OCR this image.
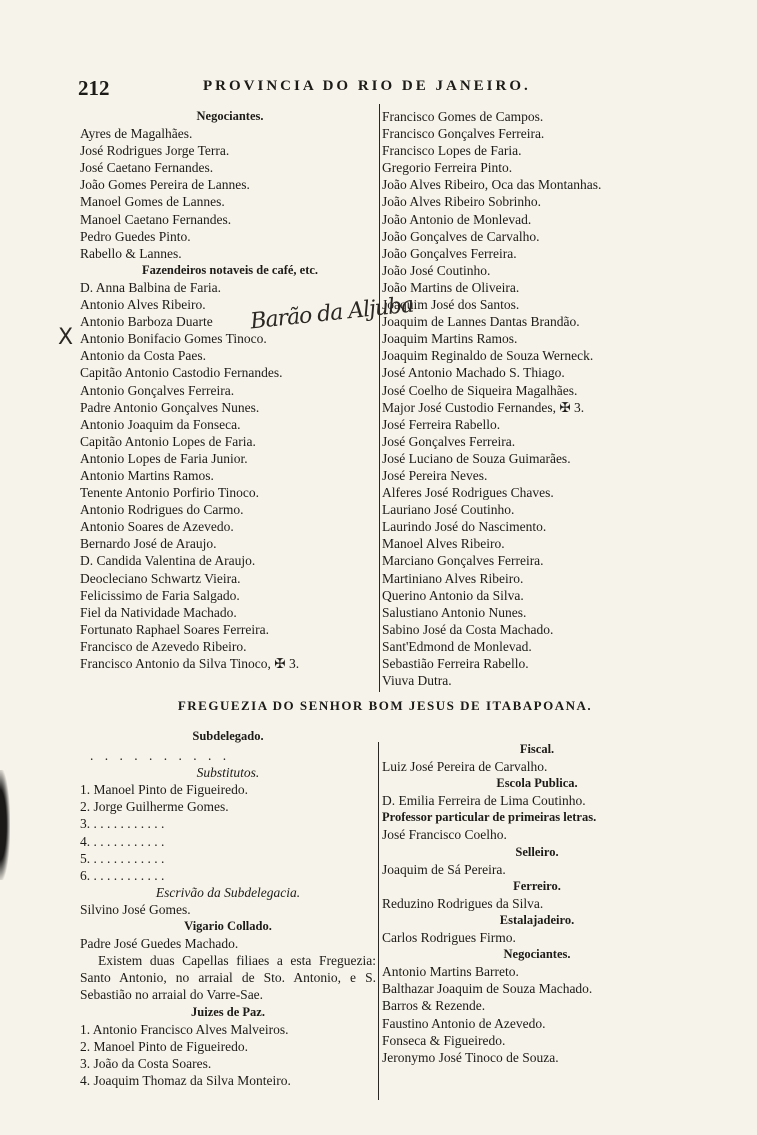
212	PROVINCIA DO RIO DE JANEIRO.
Negociantes.
Ayres de Magalhães.
José Rodrigues Jorge Terra.
José Caetano Fernandes.
João Gomes Pereira de Lannes.
Manoel Gomes de Lannes.
Manoel Caetano Fernandes.
Pedro Guedes Pinto.
Rabello & Lannes.
Fazendeiros notaveis de café, etc.
D. Anna Balbina de Faria.
Antonio Alves Ribeiro.
Antonio Barboza Duarte
Antonio Bonifacio Gomes Tinoco.
Antonio da Costa Paes.
Capitão Antonio Castodio Fernandes.
Antonio Gonçalves Ferreira.
Padre Antonio Gonçalves Nunes.
Antonio Joaquim da Fonseca.
Capitão Antonio Lopes de Faria.
Antonio Lopes de Faria Junior.
Antonio Martins Ramos.
Tenente Antonio Porfirio Tinoco.
Antonio Rodrigues do Carmo.
Antonio Soares de Azevedo.
Bernardo José de Araujo.
D. Candida Valentina de Araujo.
Deocleciano Schwartz Vieira.
Felicissimo de Faria Salgado.
Fiel da Natividade Machado.
Fortunato Raphael Soares Ferreira.
Francisco de Azevedo Ribeiro.
Francisco Antonio da Silva Tinoco, ✠ 3.
Francisco Gomes de Campos.
Francisco Gonçalves Ferreira.
Francisco Lopes de Faria.
Gregorio Ferreira Pinto.
João Alves Ribeiro, Oca das Montanhas.
João Alves Ribeiro Sobrinho.
João Antonio de Monlevad.
João Gonçalves de Carvalho.
João Gonçalves Ferreira.
João José Coutinho.
João Martins de Oliveira.
Joaquim José dos Santos.
Joaquim de Lannes Dantas Brandão.
Joaquim Martins Ramos.
Joaquim Reginaldo de Souza Werneck.
José Antonio Machado S. Thiago.
José Coelho de Siqueira Magalhães.
Major José Custodio Fernandes, ✠ 3.
José Ferreira Rabello.
José Gonçalves Ferreira.
José Luciano de Souza Guimarães.
José Pereira Neves.
Alferes José Rodrigues Chaves.
Lauriano José Coutinho.
Laurindo José do Nascimento.
Manoel Alves Ribeiro.
Marciano Gonçalves Ferreira.
Martiniano Alves Ribeiro.
Querino Antonio da Silva.
Salustiano Antonio Nunes.
Sabino José da Costa Machado.
Sant'Edmond de Monlevad.
Sebastião Ferreira Rabello.
Viuva Dutra.
X
Barão da Aljuba
FREGUEZIA DO SENHOR BOM JESUS DE ITABAPOANA.
Subdelegado.
. . . . . . . . . .
Substitutos.
1. Manoel Pinto de Figueiredo.
2. Jorge Guilherme Gomes.
3. . . . . . . . . . . .
4. . . . . . . . . . . .
5. . . . . . . . . . . .
6. . . . . . . . . . . .
Escrivão da Subdelegacia.
Silvino José Gomes.
Vigario Collado.
Padre José Guedes Machado.
Existem duas Capellas filiaes a esta Freguezia: Santo Antonio, no arraial de Sto. Antonio, e S. Sebastião no arraial do Varre-Sae.
Juizes de Paz.
1. Antonio Francisco Alves Malveiros.
2. Manoel Pinto de Figueiredo.
3. João da Costa Soares.
4. Joaquim Thomaz da Silva Monteiro.
Fiscal.
Luiz José Pereira de Carvalho.
Escola Publica.
D. Emilia Ferreira de Lima Coutinho.
Professor particular de primeiras letras.
José Francisco Coelho.
Selleiro.
Joaquim de Sá Pereira.
Ferreiro.
Reduzino Rodrigues da Silva.
Estalajadeiro.
Carlos Rodrigues Firmo.
Negociantes.
Antonio Martins Barreto.
Balthazar Joaquim de Souza Machado.
Barros & Rezende.
Faustino Antonio de Azevedo.
Fonseca & Figueiredo.
Jeronymo José Tinoco de Souza.
